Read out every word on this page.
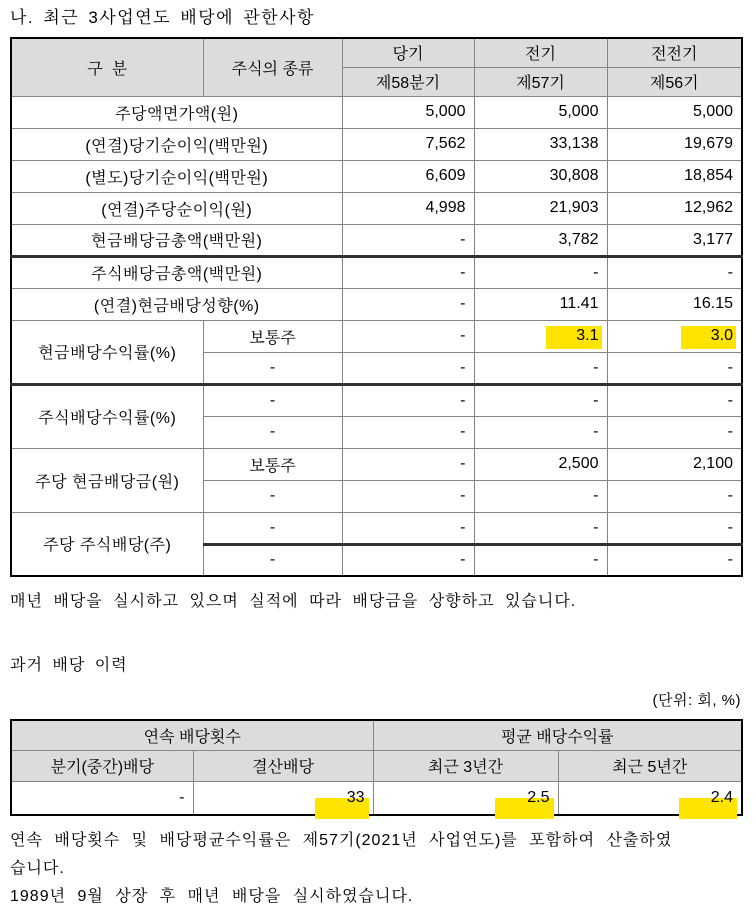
나. 최근 3사업연도 배당에 관한사항
구  분	주식의 종류	당기	전기	전전기
		제58분기	제57기	제56기
주당액면가액(원)		5,000	5,000	5,000
(연결)당기순이익(백만원)		7,562	33,138	19,679
(별도)당기순이익(백만원)		6,609	30,808	18,854
(연결)주당순이익(원)		4,998	21,903	12,962
현금배당금총액(백만원)		-	3,782	3,177
주식배당금총액(백만원)		-	-	-
(연결)현금배당성향(%)		-	11.41	16.15
현금배당수익률(%)	보통주	-	3.1	3.0
	-	-	-	-
주식배당수익률(%)	-	-	-	-
	-	-	-	-
주당 현금배당금(원)	보통주	-	2,500	2,100
	-	-	-	-
주당 주식배당(주)	-	-	-	-
	-	-	-	-

매년 배당을 실시하고 있으며 실적에 따라 배당금을 상향하고 있습니다.

과거 배당 이력

(단위: 회, %)

연속 배당횟수		평균 배당수익률	
분기(중간)배당	결산배당	최근 3년간	최근 5년간
-	33	2.5	2.4
연속 배당횟수 및 배당평균수익률은 제57기(2021년 사업연도)를 포함하여 산출하였
습니다.
1989년 9월 상장 후 매년 배당을 실시하였습니다.
